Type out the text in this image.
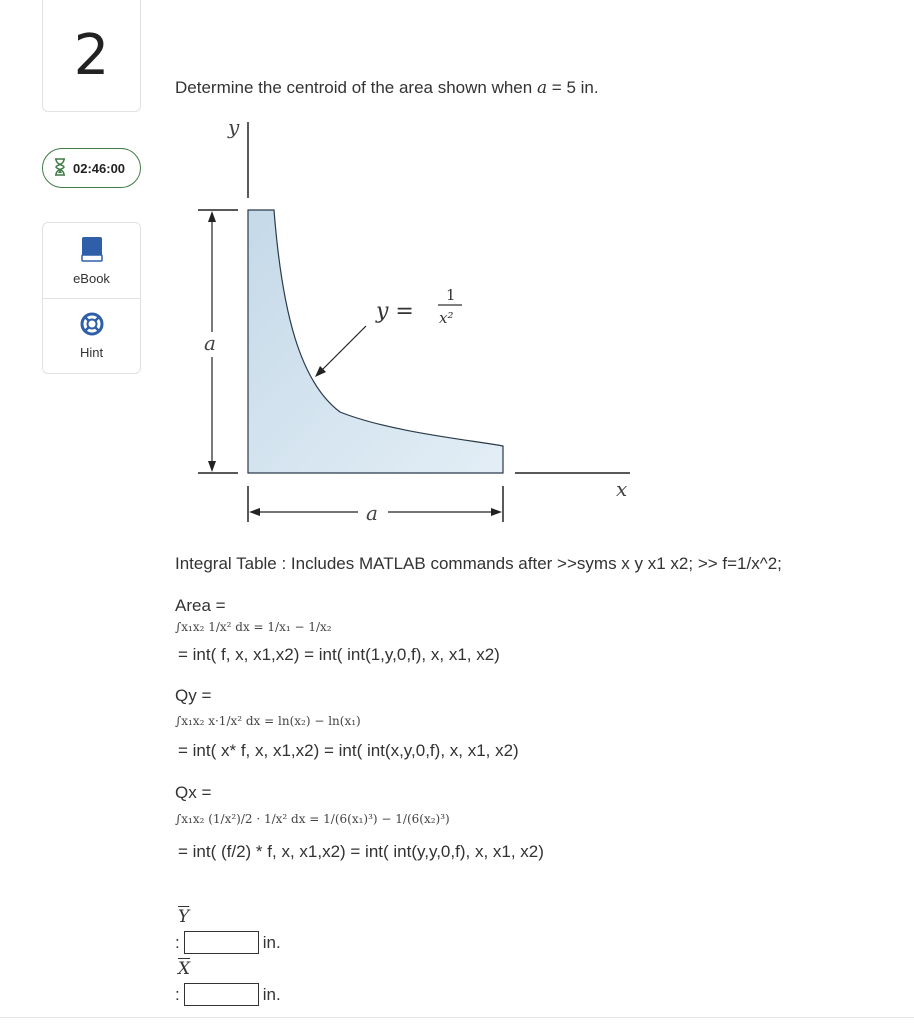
2
02:46:00
eBook
Hint
Determine the centroid of the area shown when a = 5 in.
y
x
a
a
y =
1
x²
Integral Table : Includes MATLAB commands after >>syms x y x1 x2; >> f=1/x^2;
Area =
∫x₁x₂ 1/x² dx = 1/x₁ − 1/x₂
= int( f, x, x1,x2) = int( int(1,y,0,f), x, x1, x2)
Qy =
∫x₁x₂ x·1/x² dx = ln(x₂) − ln(x₁)
= int( x* f, x, x1,x2) = int( int(x,y,0,f), x, x1, x2)
Qx =
∫x₁x₂ (1/x²)/2 · 1/x² dx = 1/(6(x₁)³) − 1/(6(x₂)³)
= int( (f/2) * f, x, x1,x2) = int( int(y,y,0,f), x, x1, x2)
$\overline{Y}$
:	in.
$\overline{X}$
:	in.
